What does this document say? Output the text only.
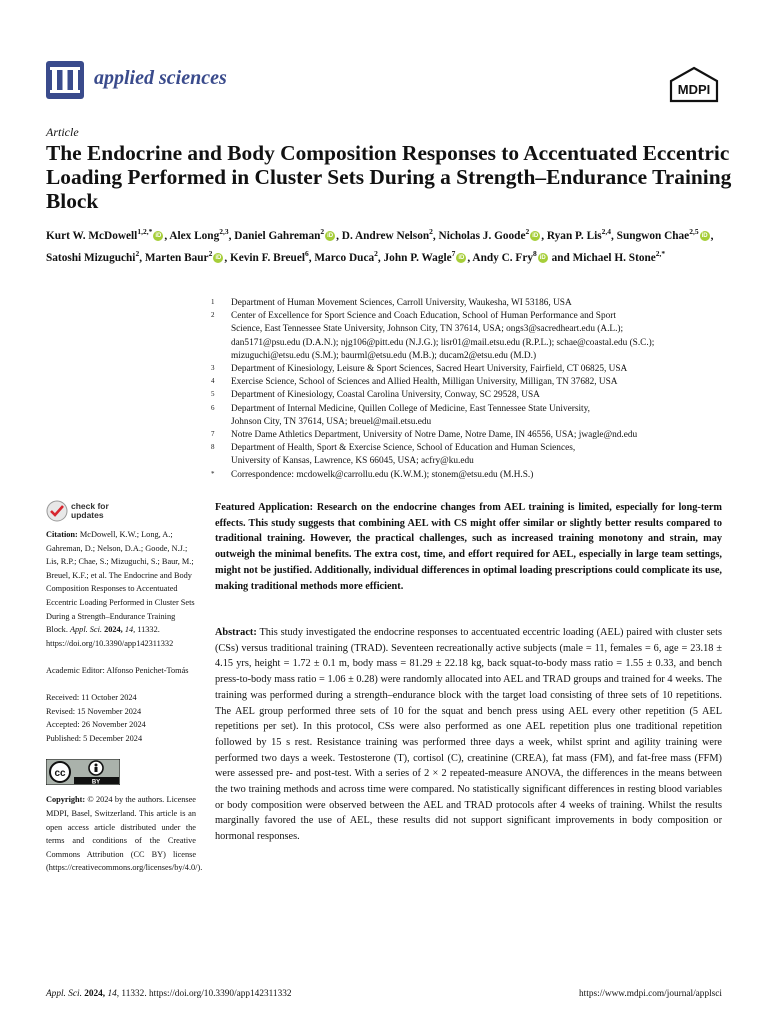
applied sciences
MDPI
Article
The Endocrine and Body Composition Responses to Accentuated Eccentric Loading Performed in Cluster Sets During a Strength–Endurance Training Block
Kurt W. McDowell$^{1,2,*}$iD , Alex Long$^{2,3}$, Daniel Gahreman$^2$iD , D. Andrew Nelson$^2$, Nicholas J. Goode$^2$iD , Ryan P. Lis$^{2,4}$, Sungwon Chae$^{2,5}$iD , Satoshi Mizuguchi$^2$, Marten Baur$^2$iD , Kevin F. Breuel$^6$, Marco Duca$^2$, John P. Wagle$^7$iD , Andy C. Fry$^8$iD and Michael H. Stone$^{2,*}$
1	Department of Human Movement Sciences, Carroll University, Waukesha, WI 53186, USA
2	Center of Excellence for Sport Science and Coach Education, School of Human Performance and Sport
Science, East Tennessee State University, Johnson City, TN 37614, USA; ongs3@sacredheart.edu (A.L.);
dan5171@psu.edu (D.A.N.); njg106@pitt.edu (N.J.G.); lisr01@mail.etsu.edu (R.P.L.); schae@coastal.edu (S.C.);
mizuguchi@etsu.edu (S.M.); baurml@etsu.edu (M.B.); ducam2@etsu.edu (M.D.)
3	Department of Kinesiology, Leisure & Sport Sciences, Sacred Heart University, Fairfield, CT 06825, USA
4	Exercise Science, School of Sciences and Allied Health, Milligan University, Milligan, TN 37682, USA
5	Department of Kinesiology, Coastal Carolina University, Conway, SC 29528, USA
6	Department of Internal Medicine, Quillen College of Medicine, East Tennessee State University,
Johnson City, TN 37614, USA; breuel@mail.etsu.edu
7	Notre Dame Athletics Department, University of Notre Dame, Notre Dame, IN 46556, USA; jwagle@nd.edu
8	Department of Health, Sport & Exercise Science, School of Education and Human Sciences,
University of Kansas, Lawrence, KS 66045, USA; acfry@ku.edu
*	Correspondence: mcdowelk@carrollu.edu (K.W.M.); stonem@etsu.edu (M.H.S.)
check for
updates
Citation: McDowell, K.W.; Long, A.; Gahreman, D.; Nelson, D.A.; Goode, N.J.; Lis, R.P.; Chae, S.; Mizuguchi, S.; Baur, M.; Breuel, K.F.; et al. The Endocrine and Body Composition Responses to Accentuated Eccentric Loading Performed in Cluster Sets During a Strength–Endurance Training Block. Appl. Sci. 2024, 14, 11332. https://doi.org/10.3390/app142311332
Academic Editor: Alfonso Penichet-Tomás
Received: 11 October 2024
Revised: 15 November 2024
Accepted: 26 November 2024
Published: 5 December 2024
cc
BY
Copyright: © 2024 by the authors. Licensee MDPI, Basel, Switzerland. This article is an open access article distributed under the terms and conditions of the Creative Commons Attribution (CC BY) license (https://creativecommons.org/licenses/by/4.0/).
Featured Application: Research on the endocrine changes from AEL training is limited, especially for long-term effects. This study suggests that combining AEL with CS might offer similar or slightly better results compared to traditional training. However, the practical challenges, such as increased training monotony and strain, may outweigh the minimal benefits. The extra cost, time, and effort required for AEL, especially in large team settings, might not be justified. Additionally, individual differences in optimal loading prescriptions could complicate its use, making traditional methods more efficient.
Abstract: This study investigated the endocrine responses to accentuated eccentric loading (AEL) paired with cluster sets (CSs) versus traditional training (TRAD). Seventeen recreationally active subjects (male = 11, females = 6, age = 23.18 ± 4.15 yrs, height = 1.72 ± 0.1 m, body mass = 81.29 ± 22.18 kg, back squat-to-body mass ratio = 1.55 ± 0.33, and bench press-to-body mass ratio = 1.06 ± 0.28) were randomly allocated into AEL and TRAD groups and trained for 4 weeks. The training was performed during a strength–endurance block with the target load consisting of three sets of 10 repetitions. The AEL group performed three sets of 10 for the squat and bench press using AEL every other repetition (5 AEL repetitions per set). In this protocol, CSs were also performed as one AEL repetition plus one traditional repetition followed by 15 s rest. Resistance training was performed three days a week, whilst sprint and agility training were performed two days a week. Testosterone (T), cortisol (C), creatinine (CREA), fat mass (FM), and fat-free mass (FFM) were assessed pre- and post-test. With a series of 2 × 2 repeated-measure ANOVA, the differences in the means between the two training methods and across time were compared. No statistically significant differences in resting blood variables or body composition were observed between the AEL and TRAD protocols after 4 weeks of training. Whilst the results marginally favored the use of AEL, these results did not support significant improvements in body composition or hormonal responses.
Appl. Sci. 2024, 14, 11332. https://doi.org/10.3390/app142311332	https://www.mdpi.com/journal/applsci
